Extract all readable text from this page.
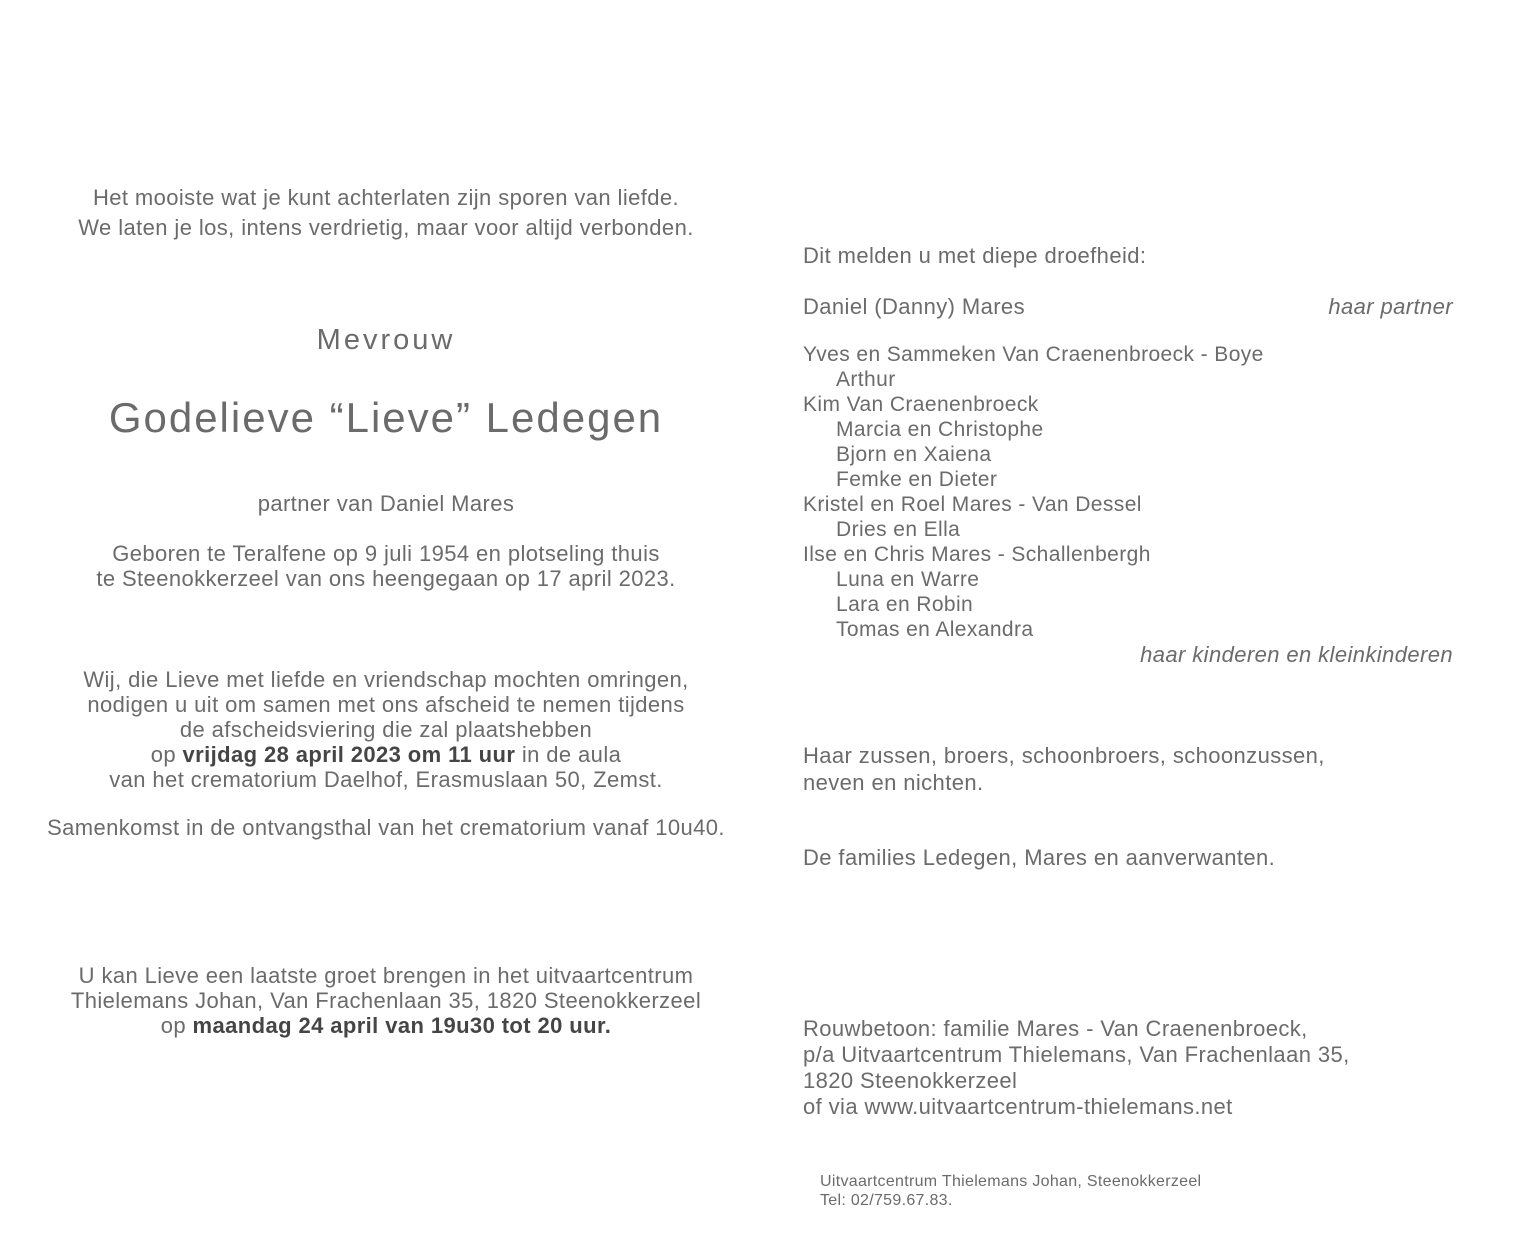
Het mooiste wat je kunt achterlaten zijn sporen van liefde.
We laten je los, intens verdrietig, maar voor altijd verbonden.
Mevrouw
Godelieve “Lieve” Ledegen
partner van Daniel Mares
Geboren te Teralfene op 9 juli 1954 en plotseling thuis
te Steenokkerzeel van ons heengegaan op 17 april 2023.
Wij, die Lieve met liefde en vriendschap mochten omringen,
nodigen u uit om samen met ons afscheid te nemen tijdens
de afscheidsviering die zal plaatshebben
op vrijdag 28 april 2023 om 11 uur in de aula
van het crematorium Daelhof, Erasmuslaan 50, Zemst.
Samenkomst in de ontvangsthal van het crematorium vanaf 10u40.
U kan Lieve een laatste groet brengen in het uitvaartcentrum
Thielemans Johan, Van Frachenlaan 35, 1820 Steenokkerzeel
op maandag 24 april van 19u30 tot 20 uur.
Dit melden u met diepe droefheid:
Daniel (Danny) Mares	haar partner
Yves en Sammeken Van Craenenbroeck - Boye
Arthur
Kim Van Craenenbroeck
Marcia en Christophe
Bjorn en Xaiena
Femke en Dieter
Kristel en Roel Mares - Van Dessel
Dries en Ella
Ilse en Chris Mares - Schallenbergh
Luna en Warre
Lara en Robin
Tomas en Alexandra
haar kinderen en kleinkinderen
Haar zussen, broers, schoonbroers, schoonzussen,
neven en nichten.
De families Ledegen, Mares en aanverwanten.
Rouwbetoon: familie Mares - Van Craenenbroeck,
p/a Uitvaartcentrum Thielemans, Van Frachenlaan 35,
1820 Steenokkerzeel
of via www.uitvaartcentrum-thielemans.net
Uitvaartcentrum Thielemans Johan, Steenokkerzeel
Tel: 02/759.67.83.
